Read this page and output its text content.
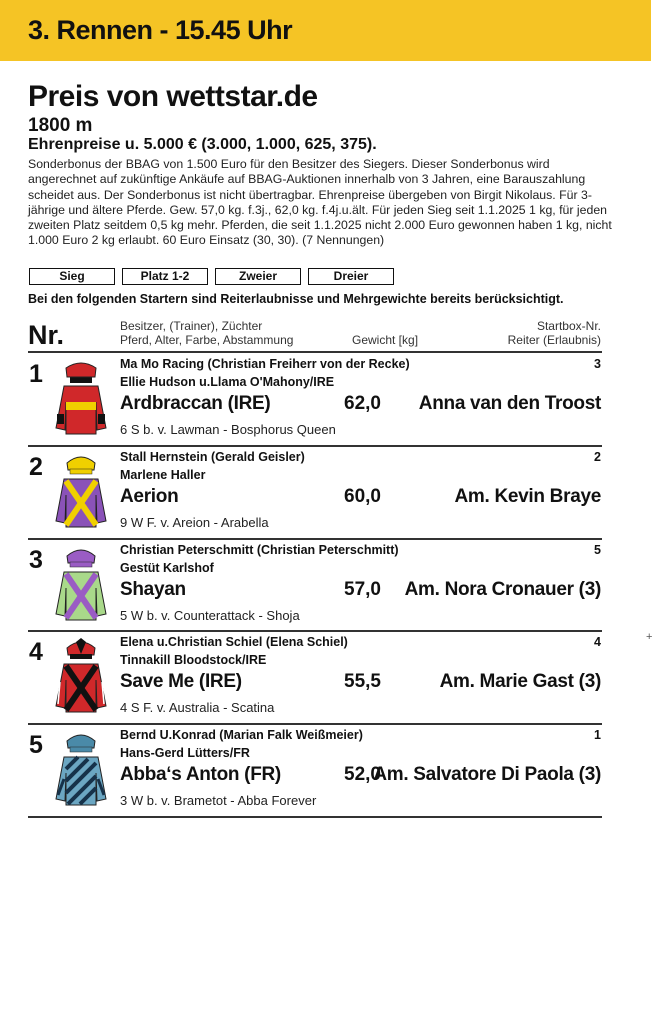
3. Rennen - 15.45 Uhr
Preis von wettstar.de
1800 m
Ehrenpreise u. 5.000 € (3.000, 1.000, 625, 375).
Sonderbonus der BBAG von 1.500 Euro für den Besitzer des Siegers. Dieser Sonderbonus wird angerechnet auf zukünftige Ankäufe auf BBAG-Auktionen innerhalb von 3 Jahren, eine Barauszahlung scheidet aus. Der Sonderbonus ist nicht übertragbar. Ehrenpreise übergeben von Birgit Nikolaus. Für 3-jährige und ältere Pferde. Gew. 57,0 kg. f.3j., 62,0 kg. f.4j.u.ält. Für jeden Sieg seit 1.1.2025 1 kg, für jeden zweiten Platz seitdem 0,5 kg mehr. Pferden, die seit 1.1.2025 nicht 2.000 Euro gewonnen haben 1 kg, nicht 1.000 Euro 2 kg erlaubt. 60 Euro Einsatz (30, 30). (7 Nennungen)
Sieg	Platz 1-2	Zweier	Dreier
Bei den folgenden Startern sind Reiterlaubnisse und Mehrgewichte bereits berücksichtigt.
Nr.	Besitzer, (Trainer), Züchter
Pferd, Alter, Farbe, Abstammung	Gewicht [kg]
Startbox-Nr.
Reiter (Erlaubnis)
1	Ma Mo Racing (Christian Freiherr von der Recke)
Ellie Hudson u.Llama O'Mahony/IRE
3
Ardbraccan (IRE)	62,0 Anna van den Troost
6 S b. v. Lawman - Bosphorus Queen
2	Stall Hernstein (Gerald Geisler)
Marlene Haller
2
Aerion	60,0	Am. Kevin Braye
9 W F. v. Areion - Arabella
3	Christian Peterschmitt (Christian Peterschmitt)
Gestüt Karlshof
5
Shayan	57,0 Am. Nora Cronauer (3)
5 W b. v. Counterattack - Shoja
4	Elena u.Christian Schiel (Elena Schiel)
Tinnakill Bloodstock/IRE
4
Save Me (IRE)	55,5	Am. Marie Gast (3)
4 S F. v. Australia - Scatina
5	Bernd U.Konrad (Marian Falk Weißmeier)
Hans-Gerd Lütters/FR
1
Abba‘s Anton (FR)	52,0
Am. Salvatore Di Paola (3)
3 W b. v. Brametot - Abba Forever
+
